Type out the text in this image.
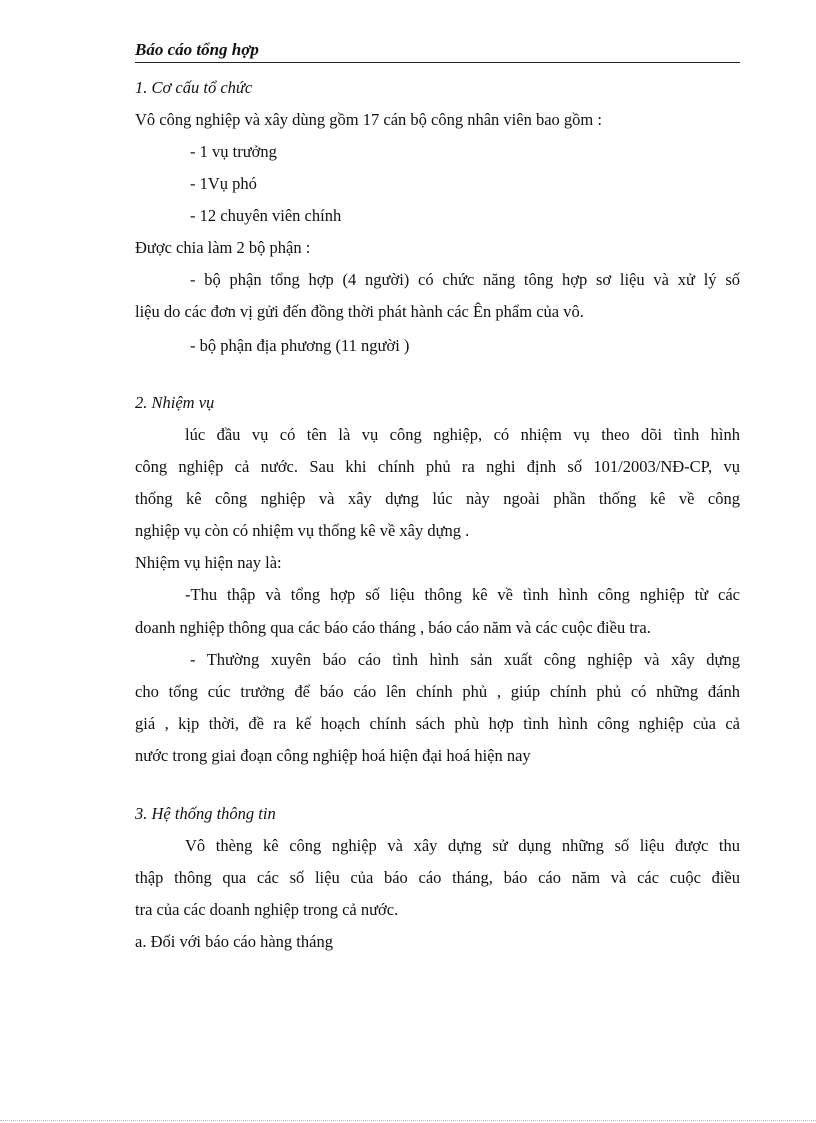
Báo cáo tổng hợp
1. Cơ cấu tổ chức
Vô công nghiệp và xây dùng gồm 17 cán bộ công nhân viên bao gồm :
- 1 vụ trưởng
- 1Vụ phó
- 12 chuyên viên chính
Được chia làm 2 bộ phận :
- bộ phận tổng hợp (4 người) có chức năng tông hợp sơ liệu và xử lý số
liệu do các đơn vị gửi đến đồng thời phát hành các Ên phẩm của vô.
- bộ phận địa phương (11 người )
2. Nhiệm vụ
lúc đầu vụ có tên là vụ công nghiệp, có nhiệm vụ theo dõi tình hình
công nghiệp cả nước. Sau khi chính phủ ra nghi định số 101/2003/NĐ-CP, vụ
thống kê công nghiệp và xây dựng lúc này ngoài phần thống kê về công
nghiệp vụ còn có nhiệm vụ thống kê về xây dựng .
Nhiệm vụ hiện nay là:
-Thu thập và tổng hợp số liệu thông kê về tình hình công nghiệp từ các
doanh nghiệp thông qua các báo cáo tháng , báo cáo năm và các cuộc điều tra.
- Thường xuyên báo cáo tình hình sản xuất công nghiệp và xây dựng
cho tổng cúc trưởng để báo cáo lên chính phủ , giúp chính phủ có những đánh
giá , kịp thời, đề ra kế hoạch chính sách phù hợp tình hình công nghiệp của cả
nước trong giai đoạn công nghiệp hoá hiện đại hoá hiện nay
3. Hệ thống thông tin
Vô thèng kê công nghiệp và xây dựng sử dụng những số liệu được thu
thập thông qua các số liệu của báo cáo tháng, báo cáo năm và các cuộc điều
tra của các doanh nghiệp trong cả nước.
a. Đối với báo cáo hàng tháng
